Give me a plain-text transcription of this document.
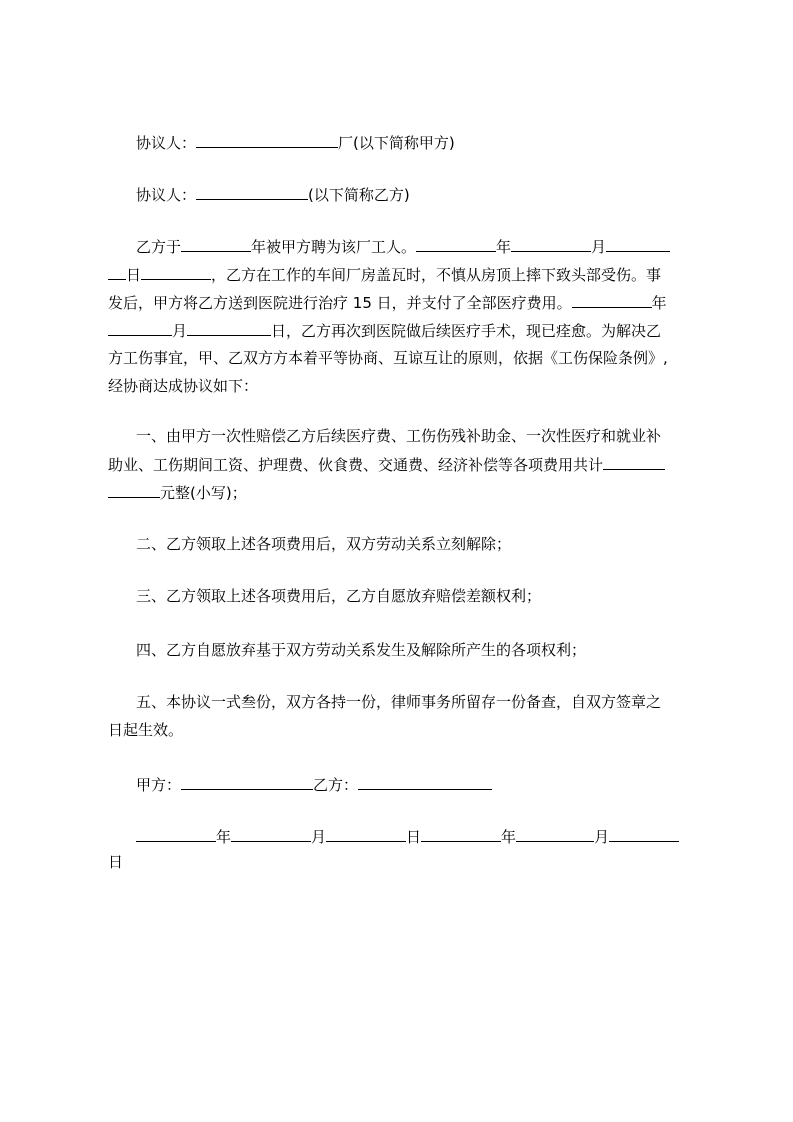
协议人：	厂(以下简称甲方)
协议人：	(以下简称乙方)
乙方于	年被甲方聘为该厂工人。	年	月
日	，乙方在工作的车间厂房盖瓦时，不慎从房顶上摔下致头部受伤。事
发后，甲方将乙方送到医院进行治疗 15 日，并支付了全部医疗费用。	年
月	日，乙方再次到医院做后续医疗手术，现已痊愈。为解决乙
方工伤事宜，甲、乙双方方本着平等协商、互谅互让的原则，依据《工伤保险条例》,
经协商达成协议如下：
一、由甲方一次性赔偿乙方后续医疗费、工伤伤残补助金、一次性医疗和就业补
助业、工伤期间工资、护理费、伙食费、交通费、经济补偿等各项费用共计
元整(小写)；
二、乙方领取上述各项费用后，双方劳动关系立刻解除；
三、乙方领取上述各项费用后，乙方自愿放弃赔偿差额权利；
四、乙方自愿放弃基于双方劳动关系发生及解除所产生的各项权利；
五、本协议一式叁份，双方各持一份，律师事务所留存一份备查，自双方签章之
日起生效。
甲方：	乙方：
年	月	日	年	月
日
